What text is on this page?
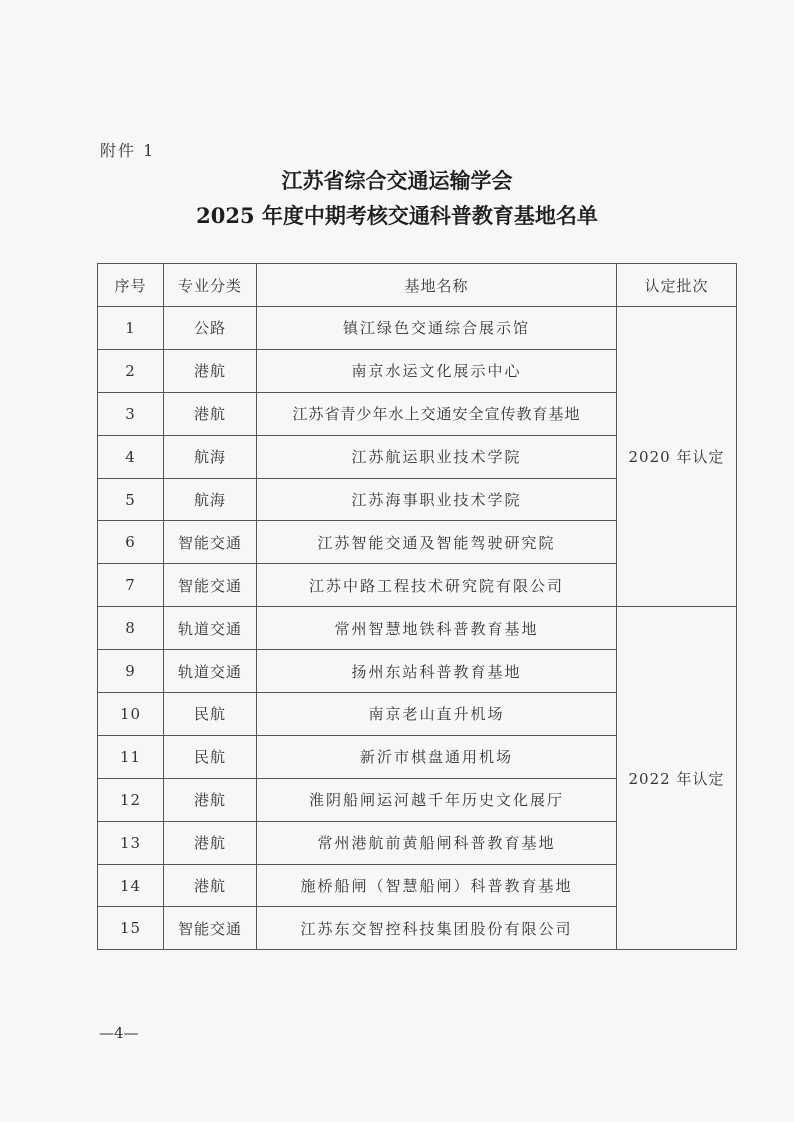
附件 1
江苏省综合交通运输学会
2025 年度中期考核交通科普教育基地名单
序号	专业分类	基地名称	认定批次
1	公路	镇江绿色交通综合展示馆	2020 年认定
2	港航	南京水运文化展示中心	
3	港航	江苏省青少年水上交通安全宣传教育基地	
4	航海	江苏航运职业技术学院	
5	航海	江苏海事职业技术学院	
6	智能交通	江苏智能交通及智能驾驶研究院	
7	智能交通	江苏中路工程技术研究院有限公司	
8	轨道交通	常州智慧地铁科普教育基地	2022 年认定
9	轨道交通	扬州东站科普教育基地	
10	民航	南京老山直升机场	
11	民航	新沂市棋盘通用机场	
12	港航	淮阴船闸运河越千年历史文化展厅	
13	港航	常州港航前黄船闸科普教育基地	
14	港航	施桥船闸（智慧船闸）科普教育基地	
15	智能交通	江苏东交智控科技集团股份有限公司	
—4—
